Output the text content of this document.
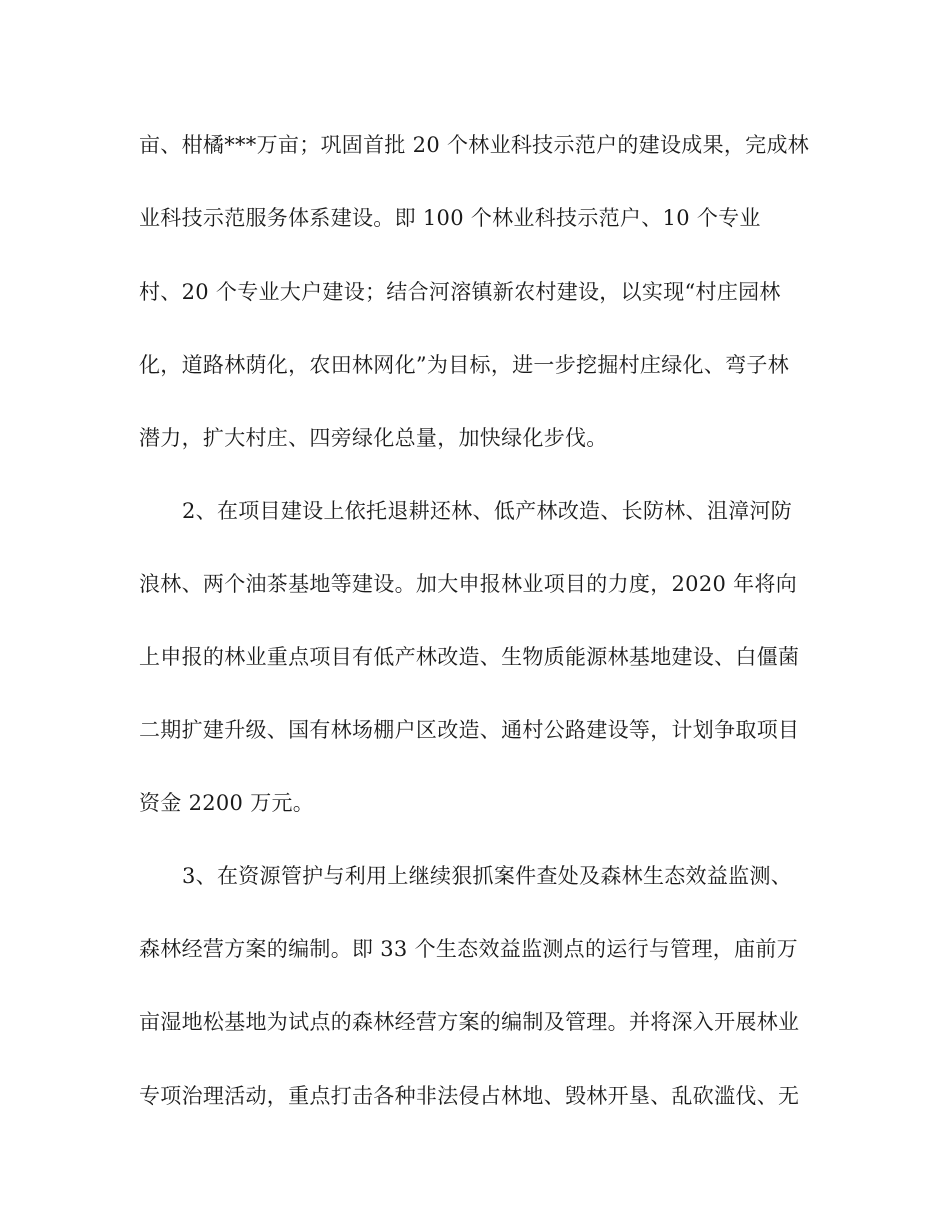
亩、柑橘***万亩；巩固首批 20 个林业科技示范户的建设成果，完成林
业科技示范服务体系建设。即 100 个林业科技示范户、10 个专业
村、20 个专业大户建设；结合河溶镇新农村建设，以实现“村庄园林
化，道路林荫化，农田林网化”为目标，进一步挖掘村庄绿化、弯子林
潜力，扩大村庄、四旁绿化总量，加快绿化步伐。
2、在项目建设上依托退耕还林、低产林改造、长防林、沮漳河防
浪林、两个油茶基地等建设。加大申报林业项目的力度，2020 年将向
上申报的林业重点项目有低产林改造、生物质能源林基地建设、白僵菌
二期扩建升级、国有林场棚户区改造、通村公路建设等，计划争取项目
资金 2200 万元。
3、在资源管护与利用上继续狠抓案件查处及森林生态效益监测、
森林经营方案的编制。即 33 个生态效益监测点的运行与管理，庙前万
亩湿地松基地为试点的森林经营方案的编制及管理。并将深入开展林业
专项治理活动，重点打击各种非法侵占林地、毁林开垦、乱砍滥伐、无
